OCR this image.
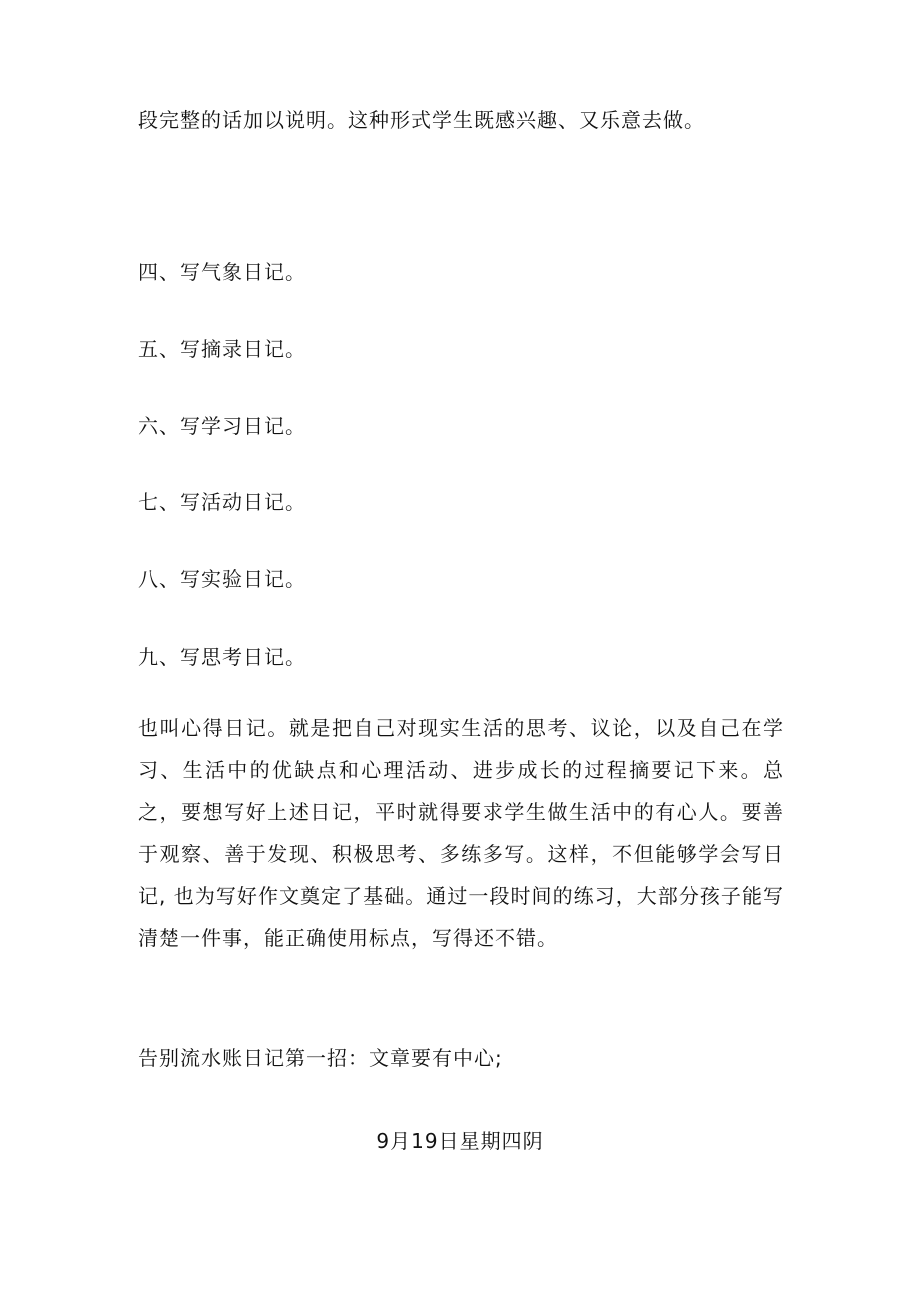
段完整的话加以说明。这种形式学生既感兴趣、又乐意去做。
四、写气象日记。
五、写摘录日记。
六、写学习日记。
七、写活动日记。
八、写实验日记。
九、写思考日记。
也叫心得日记。就是把自己对现实生活的思考、议论，以及自己在学习、生活中的优缺点和心理活动、进步成长的过程摘要记下来。总之，要想写好上述日记，平时就得要求学生做生活中的有心人。要善于观察、善于发现、积极思考、多练多写。这样，不但能够学会写日记, 也为写好作文奠定了基础。通过一段时间的练习，大部分孩子能写清楚一件事，能正确使用标点，写得还不错。
告别流水账日记第一招：文章要有中心;
9月19日星期四阴
